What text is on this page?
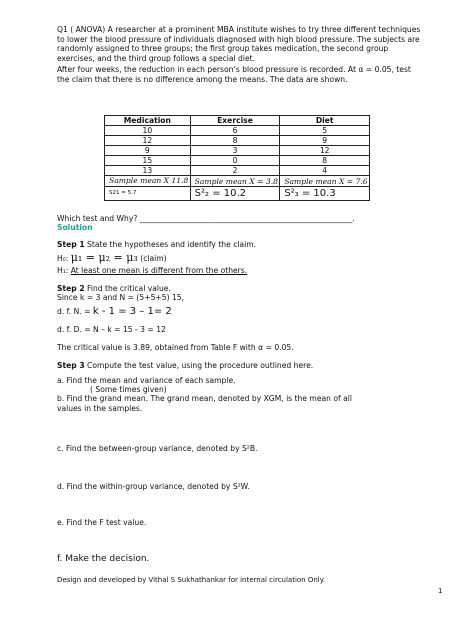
Q1 ( ANOVA) A researcher at a prominent MBA institute wishes to try three different techniques to lower the blood pressure of individuals diagnosed with high blood pressure. The subjects are randomly assigned to three groups; the first group takes medication, the second group exercises, and the third group follows a special diet.

After four weeks, the reduction in each person’s blood pressure is recorded. At α = 0.05, test the claim that there is no difference among the means. The data are shown.

Medication	Exercise	Diet
10	6	5
12	8	9
9	3	12
15	0	8
13	2	4
Sample mean X 11.8	Sample mean X = 3.8	Sample mean X = 7.6
S21 = 5.7	S²₂ = 10.2	S²₃ = 10.3
Which test and Why? ________________________________________________________.
Solution
Step 1 State the hypotheses and identify the claim.
H₀: μ₁ = μ₂ = μ₃ (claim)
H₁: At least one mean is different from the others.
Step 2 Find the critical value.
Since k = 3 and N = (5+5+5) 15,
d. f. N. = k - 1 = 3 – 1= 2
d. f. D. = N – k = 15 - 3 = 12
The critical value is 3.89, obtained from Table F with α = 0.05.
Step 3 Compute the test value, using the procedure outlined here.
a. Find the mean and variance of each sample.
( Some times given)
b. Find the grand mean. The grand mean, denoted by XGM, is the mean of all
values in the samples.
c. Find the between-group variance, denoted by S²B.
d. Find the within-group variance, denoted by S²W.
e. Find the F test value.
f. Make the decision.
Design and developed by Vithal S Sukhathankar for internal circulation Only.
1
